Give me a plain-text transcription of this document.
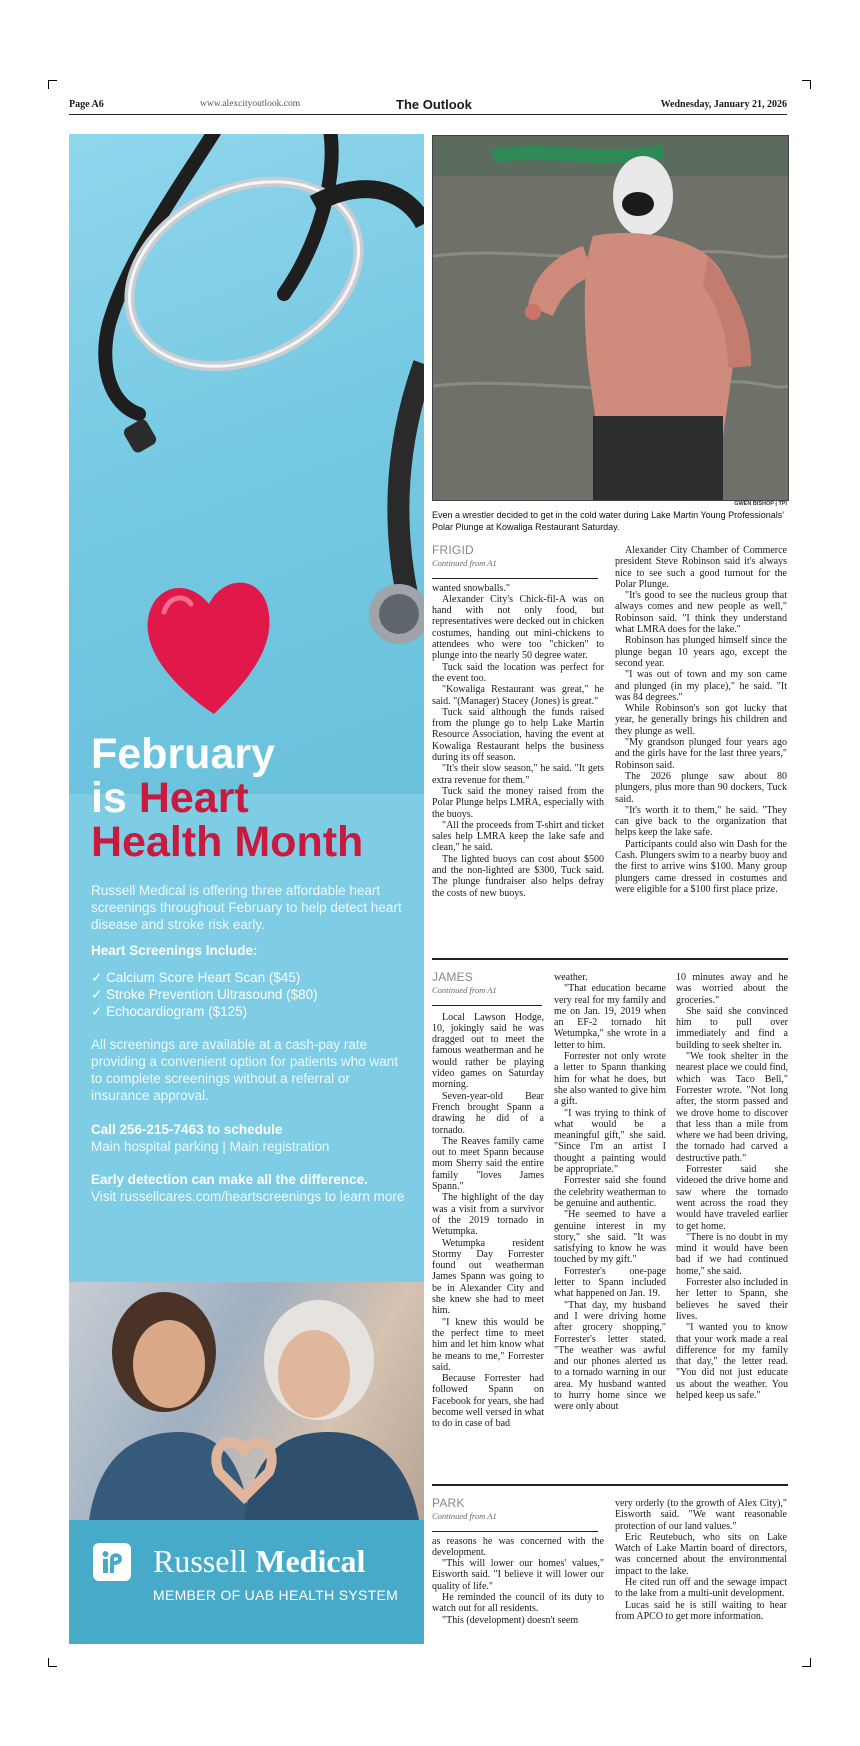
Page A6	www.alexcityoutlook.com	The Outlook	Wednesday, January 21, 2026
February
is Heart
Health Month
Russell Medical is offering three affordable heart screenings throughout February to help detect heart disease and stroke risk early.
Heart Screenings Include:
✓ Calcium Score Heart Scan ($45)
✓ Stroke Prevention Ultrasound ($80)
✓ Echocardiogram ($125)
All screenings are available at a cash-pay rate providing a convenient option for patients who want to complete screenings without a referral or insurance approval.
Call 256-215-7463 to schedule
Main hospital parking | Main registration
Early detection can make all the difference.
Visit russellcares.com/heartscreenings to learn more
Russell Medical
MEMBER OF UAB HEALTH SYSTEM
GWEN BISHOP | TPI
Even a wrestler decided to get in the cold water during Lake Martin Young Professionals' Polar Plunge at Kowaliga Restaurant Saturday.
FRIGID
Continued from A1

wanted snowballs."

Alexander City's Chick-fil-A was on hand with not only food, but representatives were decked out in chicken costumes, handing out mini-chickens to attendees who were too "chicken" to plunge into the nearly 50 degree water.

Tuck said the location was perfect for the event too.

"Kowaliga Restaurant was great," he said. "(Manager) Stacey (Jones) is great."

Tuck said although the funds raised from the plunge go to help Lake Martin Resource Association, having the event at Kowaliga Restaurant helps the business during its off season.

"It's their slow season," he said. "It gets extra revenue for them."

Tuck said the money raised from the Polar Plunge helps LMRA, especially with the buoys.

"All the proceeds from T-shirt and ticket sales help LMRA keep the lake safe and clean," he said.

The lighted buoys can cost about $500 and the non-lighted are $300, Tuck said. The plunge fundraiser also helps defray the costs of new buoys.

Alexander City Chamber of Commerce president Steve Robinson said it's always nice to see such a good turnout for the Polar Plunge.

"It's good to see the nucleus group that always comes and new people as well," Robinson said. "I think they understand what LMRA does for the lake."

Robinson has plunged himself since the plunge began 10 years ago, except the second year.

"I was out of town and my son came and plunged (in my place)," he said. "It was 84 degrees."

While Robinson's son got lucky that year, he generally brings his children and they plunge as well.

"My grandson plunged four years ago and the girls have for the last three years," Robinson said.

The 2026 plunge saw about 80 plungers, plus more than 90 dockers, Tuck said.

"It's worth it to them," he said. "They can give back to the organization that helps keep the lake safe.

Participants could also win Dash for the Cash. Plungers swim to a nearby buoy and the first to arrive wins $100. Many group plungers came dressed in costumes and were eligible for a $100 first place prize.

JAMES
Continued from A1

Local Lawson Hodge, 10, jokingly said he was dragged out to meet the famous weatherman and he would rather be playing video games on Saturday morning.

Seven-year-old Bear French brought Spann a drawing he did of a tornado.

The Reaves family came out to meet Spann because mom Sherry said the entire family "loves James Spann."

The highlight of the day was a visit from a survivor of the 2019 tornado in Wetumpka.

Wetumpka resident Stormy Day Forrester found out weatherman James Spann was going to be in Alexander City and she knew she had to meet him.

"I knew this would be the perfect time to meet him and let him know what he means to me," Forrester said.

Because Forrester had followed Spann on Facebook for years, she had become well versed in what to do in case of bad

weather.

"That education became very real for my family and me on Jan. 19, 2019 when an EF-2 tornado hit Wetumpka," she wrote in a letter to him.

Forrester not only wrote a letter to Spann thanking him for what he does, but she also wanted to give him a gift.

"I was trying to think of what would be a meaningful gift," she said. "Since I'm an artist I thought a painting would be appropriate."

Forrester said she found the celebrity weatherman to be genuine and authentic.

"He seemed to have a genuine interest in my story," she said. "It was satisfying to know he was touched by my gift."

Forrester's one-page letter to Spann included what happened on Jan. 19.

"That day, my husband and I were driving home after grocery shopping," Forrester's letter stated. "The weather was awful and our phones alerted us to a tornado warning in our area. My husband wanted to hurry home since we were only about

10 minutes away and he was worried about the groceries."

She said she convinced him to pull over immediately and find a building to seek shelter in.

"We took shelter in the nearest place we could find, which was Taco Bell," Forrester wrote. "Not long after, the storm passed and we drove home to discover that less than a mile from where we had been driving, the tornado had carved a destructive path."

Forrester said she videoed the drive home and saw where the tornado went across the road they would have traveled earlier to get home.

"There is no doubt in my mind it would have been bad if we had continued home," she said.

Forrester also included in her letter to Spann, she believes he saved their lives.

"I wanted you to know that your work made a real difference for my family that day," the letter read. "You did not just educate us about the weather. You helped keep us safe."

PARK
Continued from A1

as reasons he was concerned with the development.

"This will lower our homes' values," Eisworth said. "I believe it will lower our quality of life."

He reminded the council of its duty to watch out for all residents.

"This (development) doesn't seem

very orderly (to the growth of Alex City)," Eisworth said. "We want reasonable protection of our land values."

Eric Reutebuch, who sits on Lake Watch of Lake Martin board of directors, was concerned about the environmental impact to the lake.

He cited run off and the sewage impact to the lake from a multi-unit development.

Lucas said he is still waiting to hear from APCO to get more information.
